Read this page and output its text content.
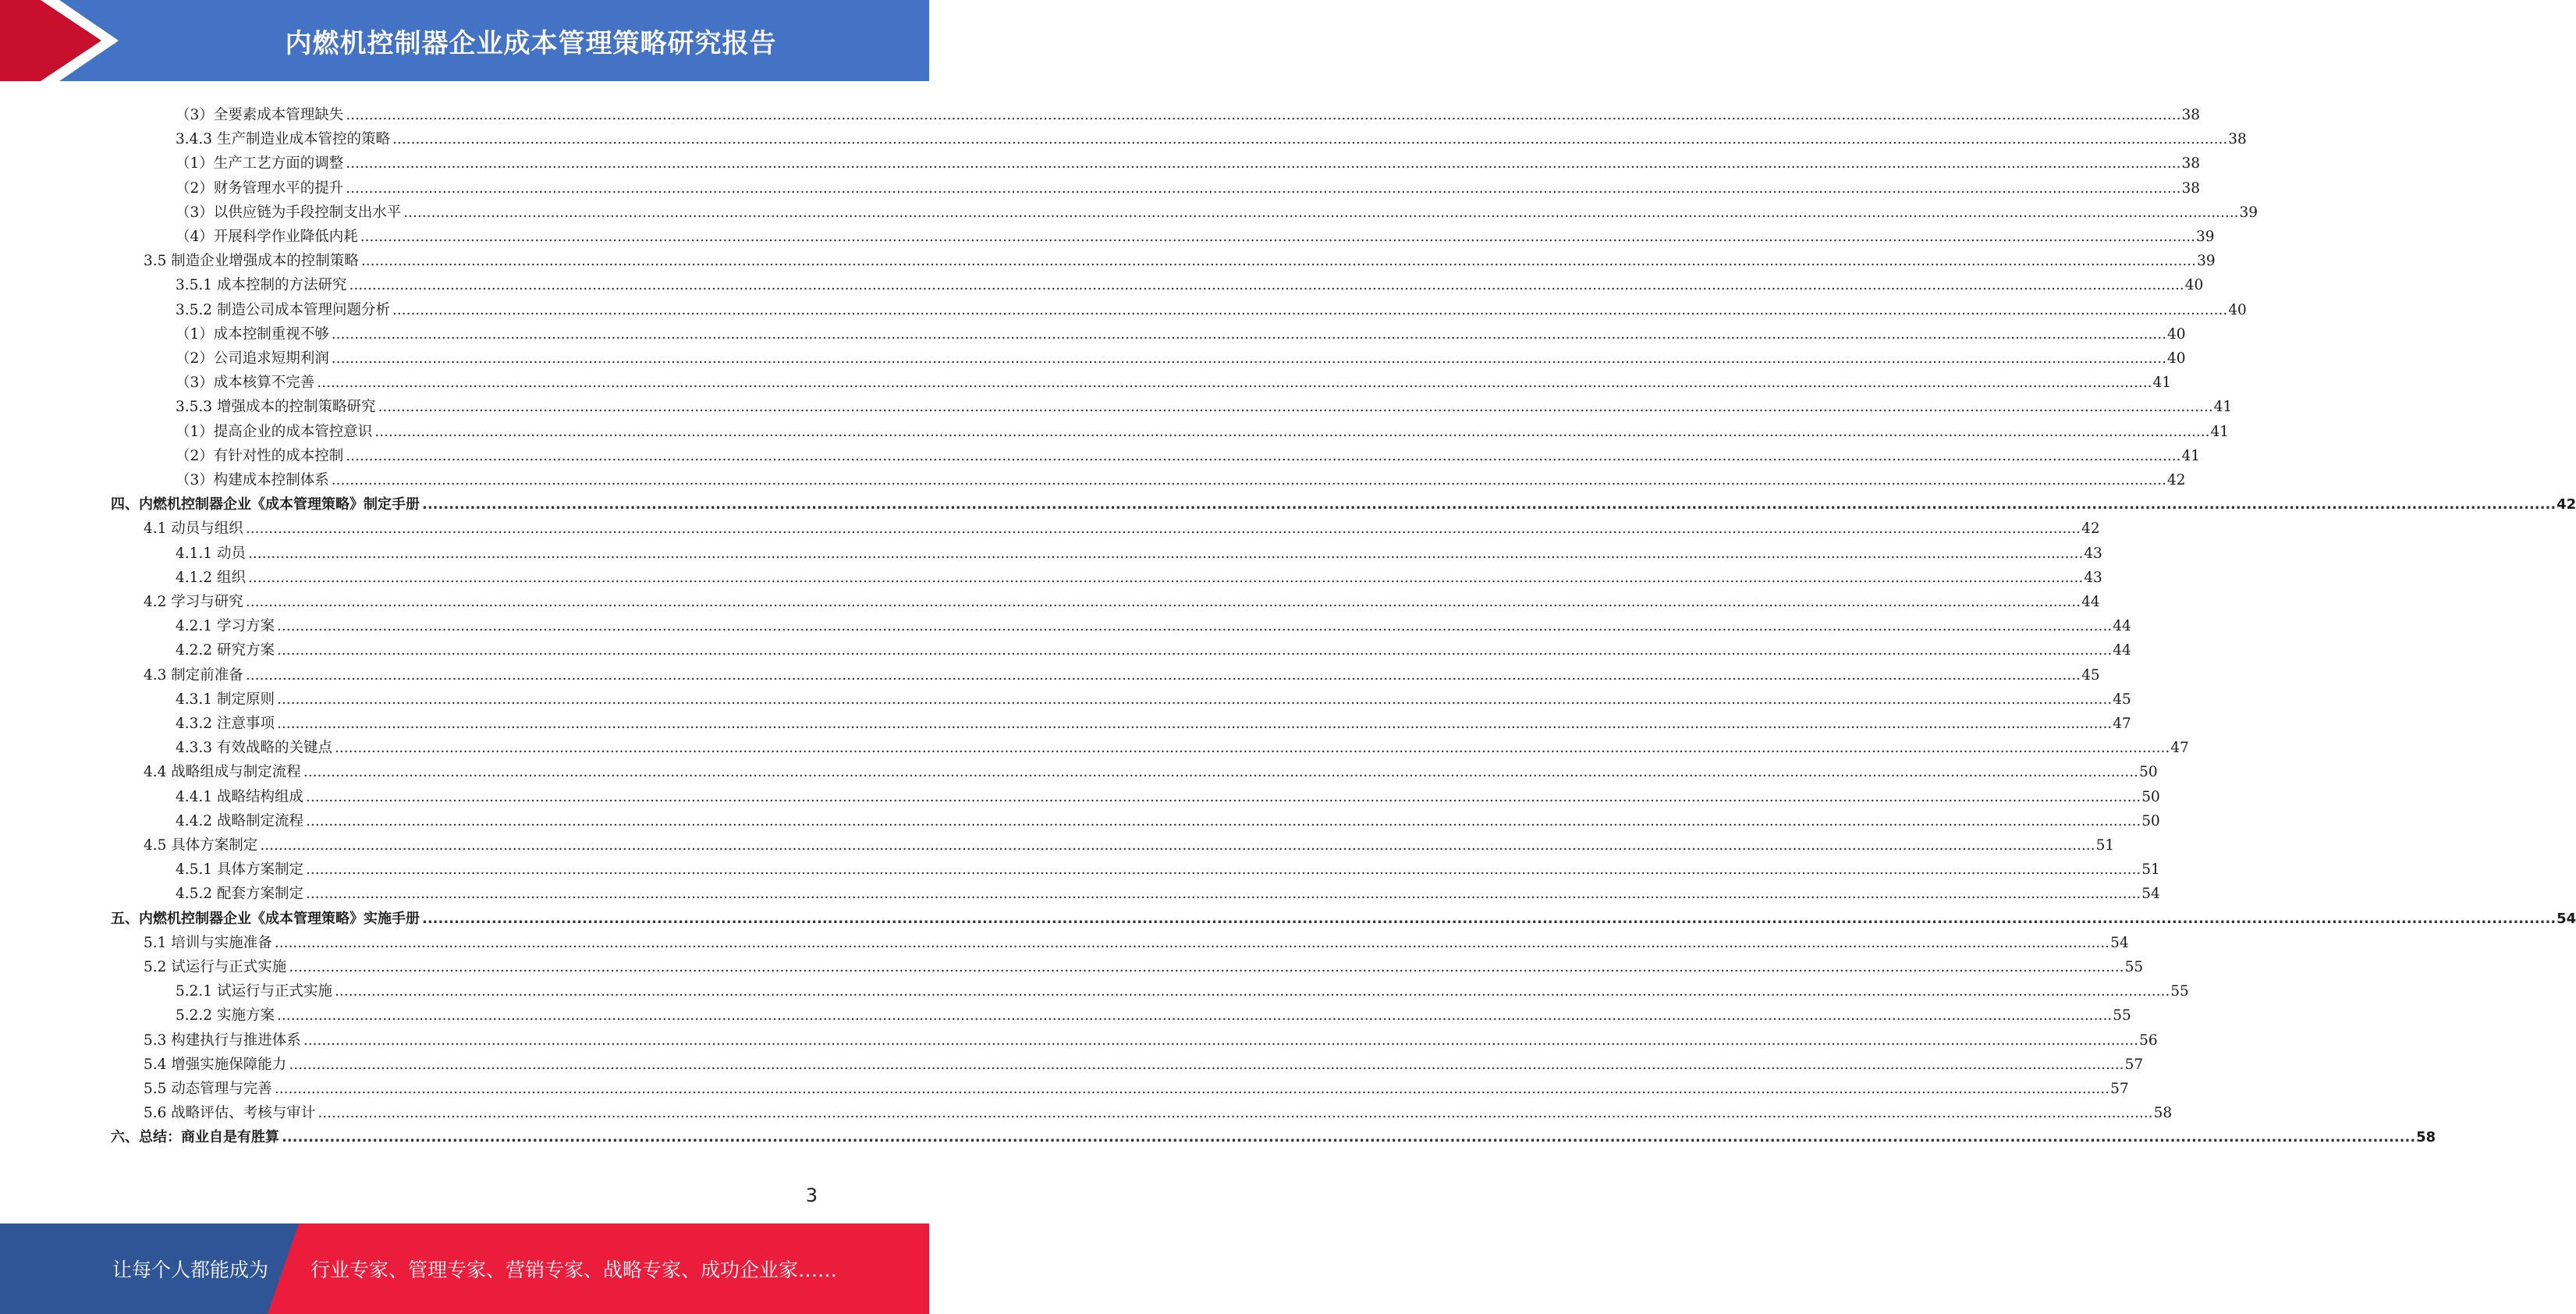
内燃机控制器企业成本管理策略研究报告
（3）全要素成本管理缺失 ................................................................................................................................................................................................................................................................................................................................................................................................................ 38
3.4.3 生产制造业成本管控的策略 ................................................................................................................................................................................................................................................................................................................................................................................................................ 38
（1）生产工艺方面的调整 ................................................................................................................................................................................................................................................................................................................................................................................................................ 38
（2）财务管理水平的提升 ................................................................................................................................................................................................................................................................................................................................................................................................................ 38
（3）以供应链为手段控制支出水平 ................................................................................................................................................................................................................................................................................................................................................................................................................ 39
（4）开展科学作业降低内耗 ................................................................................................................................................................................................................................................................................................................................................................................................................ 39
3.5 制造企业增强成本的控制策略 ................................................................................................................................................................................................................................................................................................................................................................................................................ 39
3.5.1 成本控制的方法研究 ................................................................................................................................................................................................................................................................................................................................................................................................................ 40
3.5.2 制造公司成本管理问题分析 ................................................................................................................................................................................................................................................................................................................................................................................................................ 40
（1）成本控制重视不够 ................................................................................................................................................................................................................................................................................................................................................................................................................ 40
（2）公司追求短期利润 ................................................................................................................................................................................................................................................................................................................................................................................................................ 40
（3）成本核算不完善 ................................................................................................................................................................................................................................................................................................................................................................................................................ 41
3.5.3 增强成本的控制策略研究 ................................................................................................................................................................................................................................................................................................................................................................................................................ 41
（1）提高企业的成本管控意识 ................................................................................................................................................................................................................................................................................................................................................................................................................ 41
（2）有针对性的成本控制 ................................................................................................................................................................................................................................................................................................................................................................................................................ 41
（3）构建成本控制体系 ................................................................................................................................................................................................................................................................................................................................................................................................................ 42
四、内燃机控制器企业《成本管理策略》制定手册 ................................................................................................................................................................................................................................................................................................................................................................................................................ 42
4.1 动员与组织 ................................................................................................................................................................................................................................................................................................................................................................................................................ 42
4.1.1 动员 ................................................................................................................................................................................................................................................................................................................................................................................................................ 43
4.1.2 组织 ................................................................................................................................................................................................................................................................................................................................................................................................................ 43
4.2 学习与研究 ................................................................................................................................................................................................................................................................................................................................................................................................................ 44
4.2.1 学习方案 ................................................................................................................................................................................................................................................................................................................................................................................................................ 44
4.2.2 研究方案 ................................................................................................................................................................................................................................................................................................................................................................................................................ 44
4.3 制定前准备 ................................................................................................................................................................................................................................................................................................................................................................................................................ 45
4.3.1 制定原则 ................................................................................................................................................................................................................................................................................................................................................................................................................ 45
4.3.2 注意事项 ................................................................................................................................................................................................................................................................................................................................................................................................................ 47
4.3.3 有效战略的关键点 ................................................................................................................................................................................................................................................................................................................................................................................................................ 47
4.4 战略组成与制定流程 ................................................................................................................................................................................................................................................................................................................................................................................................................ 50
4.4.1 战略结构组成 ................................................................................................................................................................................................................................................................................................................................................................................................................ 50
4.4.2 战略制定流程 ................................................................................................................................................................................................................................................................................................................................................................................................................ 50
4.5 具体方案制定 ................................................................................................................................................................................................................................................................................................................................................................................................................ 51
4.5.1 具体方案制定 ................................................................................................................................................................................................................................................................................................................................................................................................................ 51
4.5.2 配套方案制定 ................................................................................................................................................................................................................................................................................................................................................................................................................ 54
五、内燃机控制器企业《成本管理策略》实施手册 ................................................................................................................................................................................................................................................................................................................................................................................................................ 54
5.1 培训与实施准备 ................................................................................................................................................................................................................................................................................................................................................................................................................ 54
5.2 试运行与正式实施 ................................................................................................................................................................................................................................................................................................................................................................................................................ 55
5.2.1 试运行与正式实施 ................................................................................................................................................................................................................................................................................................................................................................................................................ 55
5.2.2 实施方案 ................................................................................................................................................................................................................................................................................................................................................................................................................ 55
5.3 构建执行与推进体系 ................................................................................................................................................................................................................................................................................................................................................................................................................ 56
5.4 增强实施保障能力 ................................................................................................................................................................................................................................................................................................................................................................................................................ 57
5.5 动态管理与完善 ................................................................................................................................................................................................................................................................................................................................................................................................................ 57
5.6 战略评估、考核与审计 ................................................................................................................................................................................................................................................................................................................................................................................................................ 58
六、总结：商业自是有胜算 ................................................................................................................................................................................................................................................................................................................................................................................................................ 58
3
让每个人都能成为 行业专家、管理专家、营销专家、战略专家、成功企业家……
